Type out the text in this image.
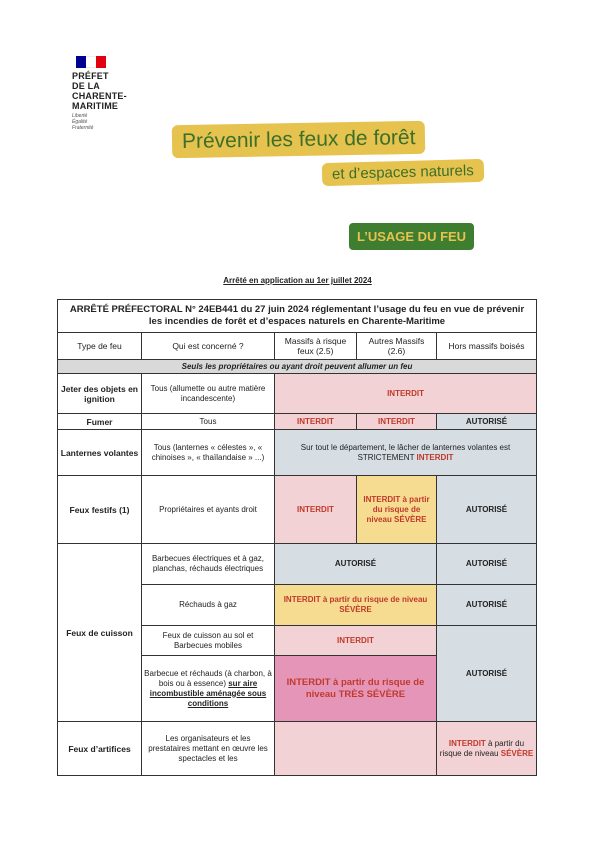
PRÉFET
DE LA
CHARENTE-
MARITIME
Liberté
Égalité
Fraternité	Prévenir les feux de forêt
et d’espaces naturels
L’USAGE DU FEU
Arrêté en application au 1er juillet 2024
ARRÊTÉ PRÉFECTORAL N° 24EB441 du 27 juin 2024 réglementant l’usage du feu en vue de prévenir les incendies de forêt et d’espaces naturels en Charente-Maritime				
Type de feu	Qui est concerné ?	Massifs à risque feux (2.5)	Autres Massifs (2.6)	Hors massifs boisés
Seuls les propriétaires ou ayant droit peuvent allumer un feu				
Jeter des objets en ignition	Tous (allumette ou autre matière incandescente)	INTERDIT		
Fumer	Tous	INTERDIT	INTERDIT	AUTORISÉ
Lanternes volantes	Tous (lanternes « célestes », « chinoises », « thaïlandaise » ...)	Sur tout le département, le lâcher de lanternes volantes est STRICTEMENT INTERDIT		
Feux festifs (1)	Propriétaires et ayants droit	INTERDIT	INTERDIT à partir du risque de niveau SÉVÈRE	AUTORISÉ
Feux de cuisson	Barbecues électriques et à gaz, planchas, réchauds électriques	AUTORISÉ		AUTORISÉ
	Réchauds à gaz	INTERDIT à partir du risque de niveau SÉVÈRE		AUTORISÉ
	Feux de cuisson au sol et Barbecues mobiles	INTERDIT		AUTORISÉ
	Barbecue et réchauds (à charbon, à bois ou à essence) sur aire incombustible aménagée sous conditions	INTERDIT à partir du risque de niveau TRÈS SÉVÈRE		
Feux d’artifices	Les organisateurs et les prestataires mettant en œuvre les spectacles et les			INTERDIT à partir du risque de niveau SÉVÈRE
